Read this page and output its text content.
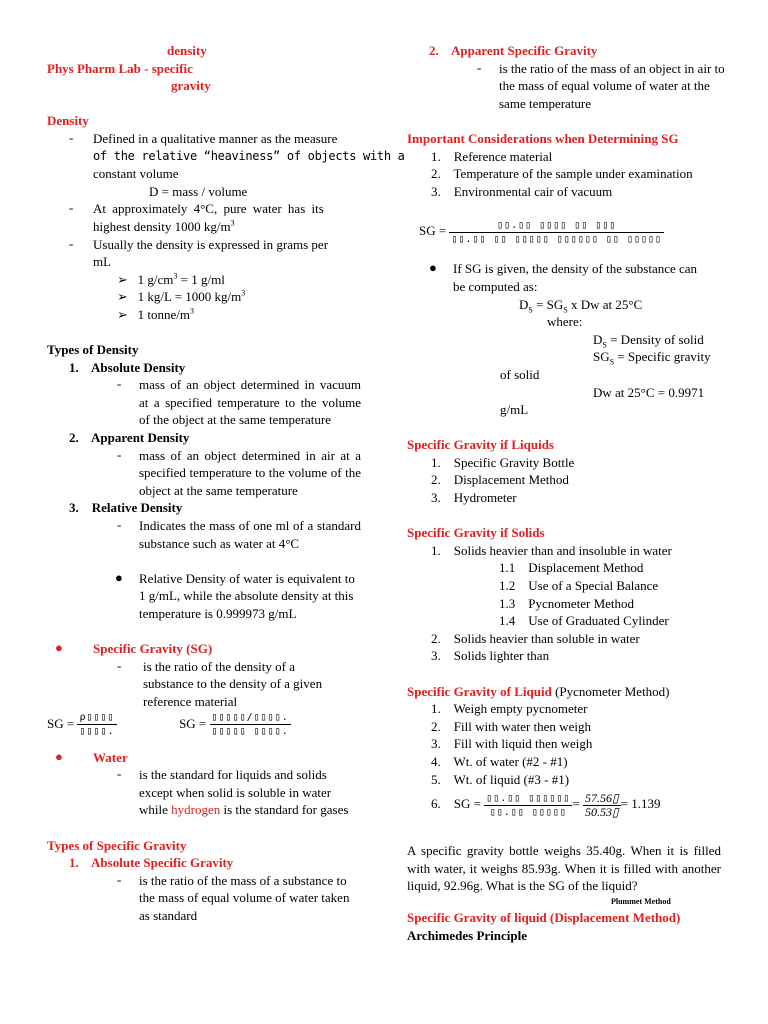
density
Phys Pharm Lab - specific
gravity
Density
- Defined in a qualitative manner as the measure
of the relative “heaviness” of objects with a
constant volume
D = mass / volume
- At approximately 4°C, pure water has its
highest density 1000 $kg/m^3$
- Usually the density is expressed in grams per
mL
➢   1 $g/cm^3 = 1$ g/ml
➢   1 kg/L = 1000 $kg/m^3$
➢   1 tonne/$m^3$
Types of Density
1.    Absolute Density
- mass of an object determined in vacuum at a specified temperature to the volume of the object at the same temperature
2.    Apparent Density
- mass of an object determined in air at a specified temperature to the volume of the object at the same temperature
3.    Relative Density
- Indicates the mass of one ml of a standard substance such as water at 4°C
● Relative Density of water is equivalent to 1 g/mL, while the absolute density at this temperature is 0.999973 g/mL
● Specific Gravity (SG)
- is the ratio of the density of a substance to the density of a given reference material
SG = $\frac{\rho▯▯▯▯}{▯▯▯▯.}$	SG = $\frac{▯▯▯▯▯/▯▯▯▯.}{▯▯▯▯▯ ▯▯▯▯.}$
● Water
- is the standard for liquids and solids except when solid is soluble in water while hydrogen is the standard for gases
Types of Specific Gravity
1.    Absolute Specific Gravity
- is the ratio of the mass of a substance to the mass of equal volume of water taken as standard
2.    Apparent Specific Gravity
- is the ratio of the mass of an object in air to the mass of equal volume of water at the same temperature
Important Considerations when Determining SG
1.    Reference material
2.    Temperature of the sample under examination
3.    Environmental cair of vacuum
SG = $\frac{▯▯.▯▯ ▯▯▯▯ ▯▯ ▯▯▯}{▯▯.▯▯ ▯▯ ▯▯▯▯▯ ▯▯▯▯▯▯ ▯▯ ▯▯▯▯▯}$
● If SG is given, the density of the substance can
be computed as:
$D_S = SG_S$ x Dw at 25°C
where:
$D_S$ = Density of solid
$SG_S$ = Specific gravity
of solid
Dw at 25°C = 0.9971
g/mL
Specific Gravity if Liquids
1.    Specific Gravity Bottle
2.    Displacement Method
3.    Hydrometer
Specific Gravity if Solids
1.    Solids heavier than and insoluble in water
1.1 Displacement Method
1.2 Use of a Special Balance
1.3 Pycnometer Method
1.4 Use of Graduated Cylinder
2.    Solids heavier than soluble in water
3.    Solids lighter than
Specific Gravity of Liquid (Pycnometer Method)
1.    Weigh empty pycnometer
2.    Fill with water then weigh
3.    Fill with liquid then weigh
4.    Wt. of water (#2 - #1)
5.    Wt. of liquid (#3 - #1)
6. SG = $\frac{▯▯.▯▯ ▯▯▯▯▯▯}{▯▯.▯▯ ▯▯▯▯▯} = \frac{57.56▯}{50.53▯} = 1.139$
A specific gravity bottle weighs 35.40g. When it is filled with water, it weighs 85.93g. When it is filled with another liquid, 92.96g. What is the SG of the liquid?
Plummet Method
Specific Gravity of liquid (Displacement Method)
Archimedes Principle
